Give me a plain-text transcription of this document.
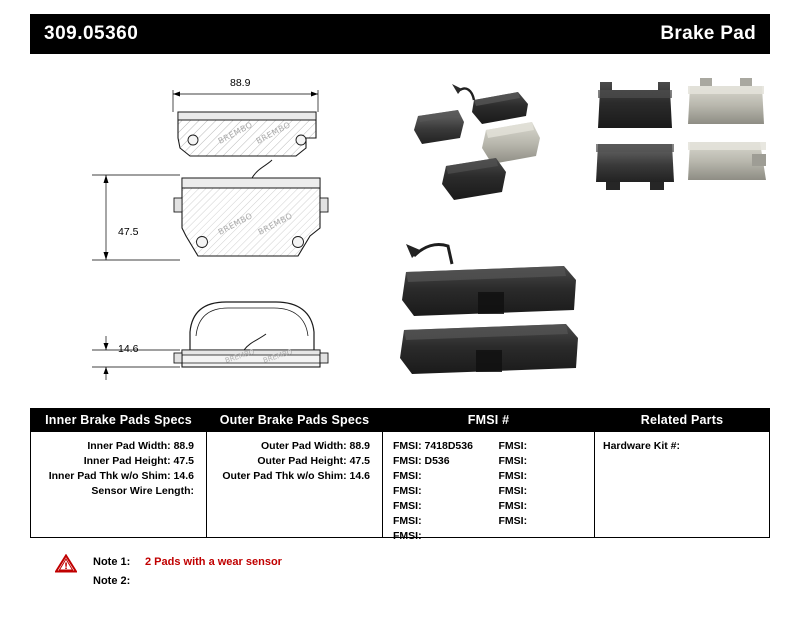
309.05360	Brake Pad
BREMBO BREMBO
BREMBO BREMBO
BREMBO BREMBO
88.9
47.5
14.6
Inner Brake Pads Specs
Inner Pad Width: 88.9
Inner Pad Height: 47.5
Inner Pad Thk w/o Shim: 14.6
Sensor Wire Length:
Outer Brake Pads Specs
Outer Pad Width: 88.9
Outer Pad Height: 47.5
Outer Pad Thk w/o Shim: 14.6
FMSI #
FMSI: 7418D536
FMSI: D536
FMSI:
FMSI:
FMSI:
FMSI:
FMSI:
FMSI:
FMSI:
FMSI:
FMSI:
FMSI:
FMSI:
Related Parts
Hardware Kit #:
! Note 1:	2 Pads with a wear sensor
Note 2:
